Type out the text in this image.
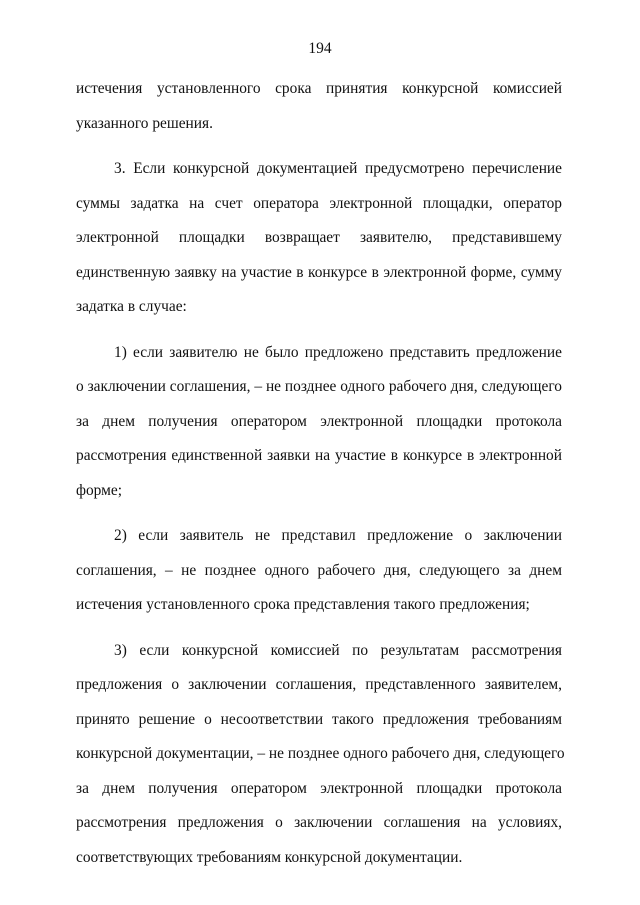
194
истечения установленного срока принятия конкурсной комиссией
указанного решения.
3. Если конкурсной документацией предусмотрено перечисление
суммы задатка на счет оператора электронной площадки, оператор
электронной площадки возвращает заявителю, представившему
единственную заявку на участие в конкурсе в электронной форме, сумму
задатка в случае:
1) если заявителю не было предложено представить предложение
о заключении соглашения, – не позднее одного рабочего дня, следующего
за днем получения оператором электронной площадки протокола
рассмотрения единственной заявки на участие в конкурсе в электронной
форме;
2) если заявитель не представил предложение о заключении
соглашения, – не позднее одного рабочего дня, следующего за днем
истечения установленного срока представления такого предложения;
3) если конкурсной комиссией по результатам рассмотрения
предложения о заключении соглашения, представленного заявителем,
принято решение о несоответствии такого предложения требованиям
конкурсной документации, – не позднее одного рабочего дня, следующего
за днем получения оператором электронной площадки протокола
рассмотрения предложения о заключении соглашения на условиях,
соответствующих требованиям конкурсной документации.
